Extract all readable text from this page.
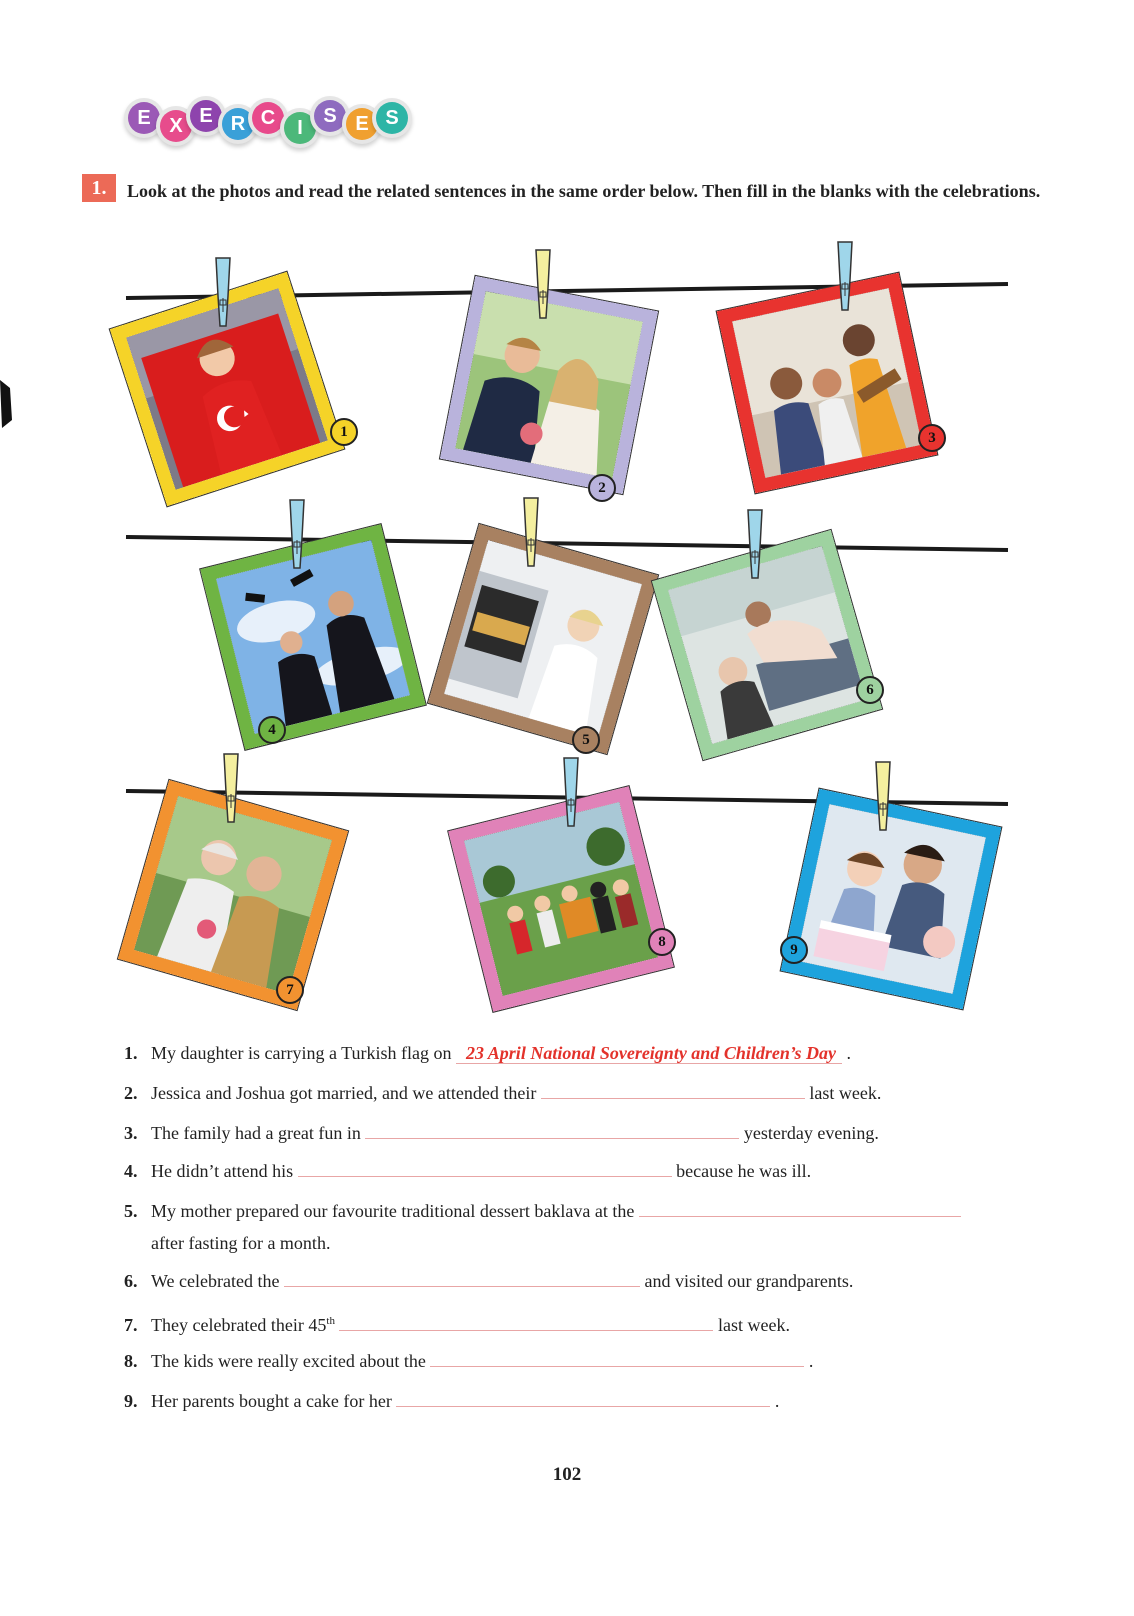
E X E R C	I
S E S
1.	Look at the photos and read the related sentences in the same order below. Then fill in the blanks with the celebrations.
1
2
3
4
5
6
7
8	9
1. My daughter is carrying a Turkish flag on 23 April National Sovereignty and Children’s Day .
2. Jessica and Joshua got married, and we attended their	last week.
3. The family had a great fun in	yesterday evening.
4. He didn’t attend his	because he was ill.
5. My mother prepared our favourite traditional dessert baklava at the
after fasting for a month.
6. We celebrated the	and visited our grandparents.
7. They celebrated their 45th	last week.
8. The kids were really excited about the	.
9. Her parents bought a cake for her	.
102
